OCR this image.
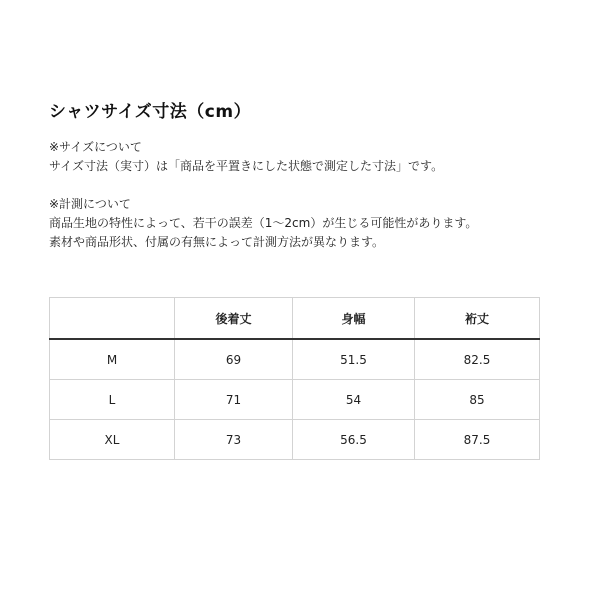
シャツサイズ寸法（cm）

※サイズについて

サイズ寸法（実寸）は「商品を平置きにした状態で測定した寸法」です。

※計測について

商品生地の特性によって、若干の誤差（1〜2cm）が生じる可能性があります。

素材や商品形状、付属の有無によって計測方法が異なります。

	後着丈	身幅	裄丈
M	69	51.5	82.5
L	71	54	85
XL	73	56.5	87.5
